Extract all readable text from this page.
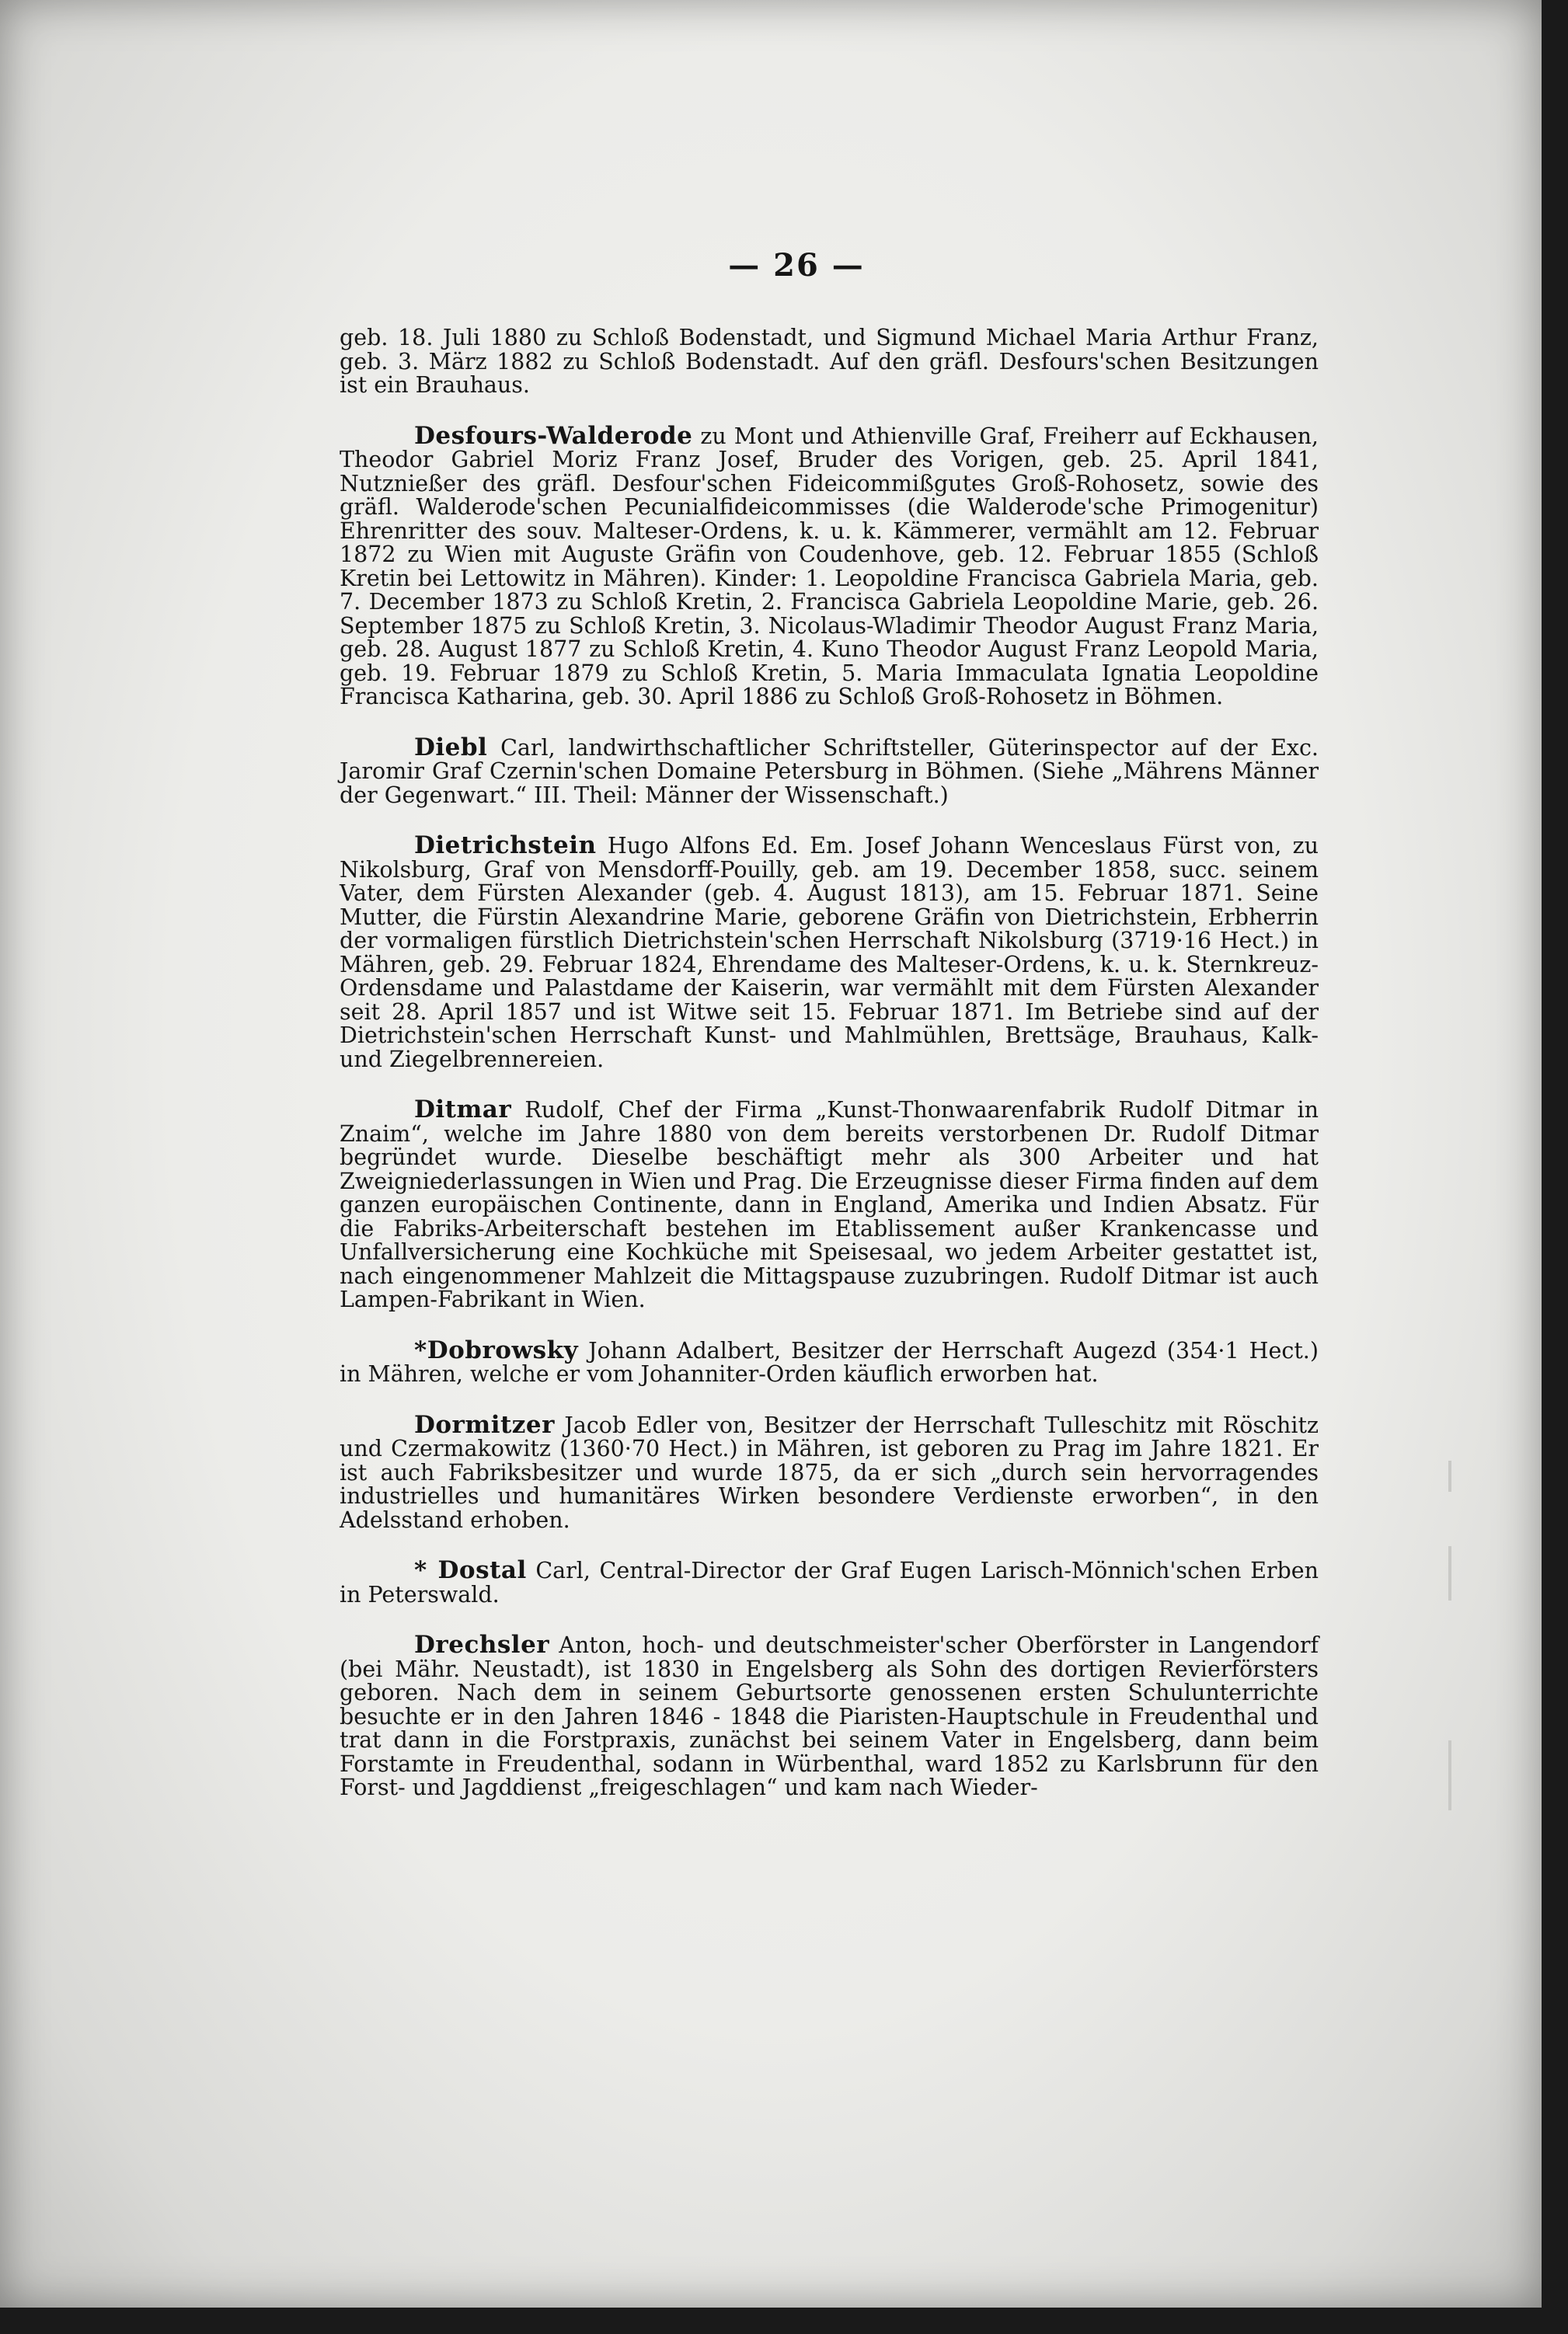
— 26 —

geb. 18. Juli 1880 zu Schloß Bodenstadt, und Sigmund Michael Maria Arthur Franz, geb. 3. März 1882 zu Schloß Bodenstadt. Auf den gräfl. Desfours'schen Besitzungen ist ein Brauhaus.

Desfours-Walderode zu Mont und Athienville Graf, Freiherr auf Eckhausen, Theodor Gabriel Moriz Franz Josef, Bruder des Vorigen, geb. 25. April 1841, Nutznießer des gräfl. Desfour'schen Fideicommißgutes Groß-Rohosetz, sowie des gräfl. Walderode'schen Pecunialfideicommisses (die Walderode'sche Primogenitur) Ehrenritter des souv. Malteser-Ordens, k. u. k. Kämmerer, vermählt am 12. Februar 1872 zu Wien mit Auguste Gräfin von Coudenhove, geb. 12. Februar 1855 (Schloß Kretin bei Lettowitz in Mähren). Kinder: 1. Leopoldine Francisca Gabriela Maria, geb. 7. December 1873 zu Schloß Kretin, 2. Francisca Gabriela Leopoldine Marie, geb. 26. September 1875 zu Schloß Kretin, 3. Nicolaus-Wladimir Theodor August Franz Maria, geb. 28. August 1877 zu Schloß Kretin, 4. Kuno Theodor August Franz Leopold Maria, geb. 19. Februar 1879 zu Schloß Kretin, 5. Maria Immaculata Ignatia Leopoldine Francisca Katharina, geb. 30. April 1886 zu Schloß Groß-Rohosetz in Böhmen.

Diebl Carl, landwirthschaftlicher Schriftsteller, Güterinspector auf der Exc. Jaromir Graf Czernin'schen Domaine Petersburg in Böhmen. (Siehe „Mährens Männer der Gegenwart.“ III. Theil: Männer der Wissenschaft.)

Dietrichstein Hugo Alfons Ed. Em. Josef Johann Wenceslaus Fürst von, zu Nikolsburg, Graf von Mensdorff-Pouilly, geb. am 19. December 1858, succ. seinem Vater, dem Fürsten Alexander (geb. 4. August 1813), am 15. Februar 1871. Seine Mutter, die Fürstin Alexandrine Marie, geborene Gräfin von Dietrichstein, Erbherrin der vormaligen fürstlich Dietrichstein'schen Herrschaft Nikolsburg (3719·16 Hect.) in Mähren, geb. 29. Februar 1824, Ehrendame des Malteser-Ordens, k. u. k. Sternkreuz-Ordensdame und Palastdame der Kaiserin, war vermählt mit dem Fürsten Alexander seit 28. April 1857 und ist Witwe seit 15. Februar 1871. Im Betriebe sind auf der Dietrichstein'schen Herrschaft Kunst- und Mahlmühlen, Brettsäge, Brauhaus, Kalk- und Ziegelbrennereien.

Ditmar Rudolf, Chef der Firma „Kunst-Thonwaarenfabrik Rudolf Ditmar in Znaim“, welche im Jahre 1880 von dem bereits verstorbenen Dr. Rudolf Ditmar begründet wurde. Dieselbe beschäftigt mehr als 300 Arbeiter und hat Zweigniederlassungen in Wien und Prag. Die Erzeugnisse dieser Firma finden auf dem ganzen europäischen Continente, dann in England, Amerika und Indien Absatz. Für die Fabriks-Arbeiterschaft bestehen im Etablissement außer Krankencasse und Unfallversicherung eine Kochküche mit Speisesaal, wo jedem Arbeiter gestattet ist, nach eingenommener Mahlzeit die Mittagspause zuzubringen. Rudolf Ditmar ist auch Lampen-Fabrikant in Wien.

*Dobrowsky Johann Adalbert, Besitzer der Herrschaft Augezd (354·1 Hect.) in Mähren, welche er vom Johanniter-Orden käuflich erworben hat.

Dormitzer Jacob Edler von, Besitzer der Herrschaft Tulleschitz mit Röschitz und Czermakowitz (1360·70 Hect.) in Mähren, ist geboren zu Prag im Jahre 1821. Er ist auch Fabriksbesitzer und wurde 1875, da er sich „durch sein hervorragendes industrielles und humanitäres Wirken besondere Verdienste erworben“, in den Adelsstand erhoben.

* Dostal Carl, Central-Director der Graf Eugen Larisch-Mönnich'schen Erben in Peterswald.

Drechsler Anton, hoch- und deutschmeister'scher Oberförster in Langendorf (bei Mähr. Neustadt), ist 1830 in Engelsberg als Sohn des dortigen Revierförsters geboren. Nach dem in seinem Geburtsorte genossenen ersten Schulunterrichte besuchte er in den Jahren 1846 - 1848 die Piaristen-Hauptschule in Freudenthal und trat dann in die Forstpraxis, zunächst bei seinem Vater in Engelsberg, dann beim Forstamte in Freudenthal, sodann in Würbenthal, ward 1852 zu Karlsbrunn für den Forst- und Jagddienst „freigeschlagen“ und kam nach Wieder-
